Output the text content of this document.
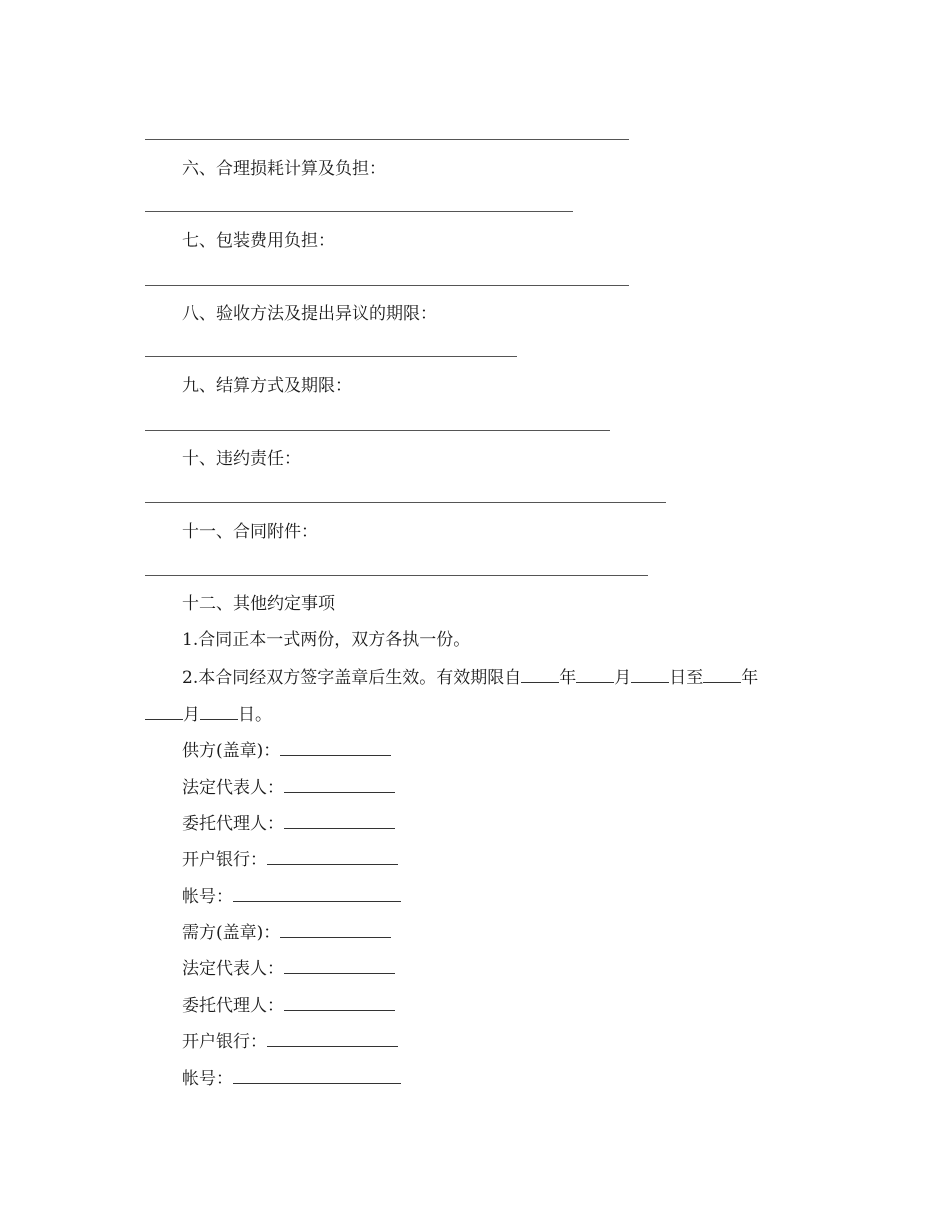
六、合理损耗计算及负担：
七、包装费用负担：
八、验收方法及提出异议的期限：
九、结算方式及期限：
十、违约责任：
十一、合同附件：
十二、其他约定事项
1.合同正本一式两份，双方各执一份。
2.本合同经双方签字盖章后生效。有效期限自 年 月 日至 年
月 日。
供方(盖章)：
法定代表人：
委托代理人：
开户银行：
帐号：
需方(盖章)：
法定代表人：
委托代理人：
开户银行：
帐号：
